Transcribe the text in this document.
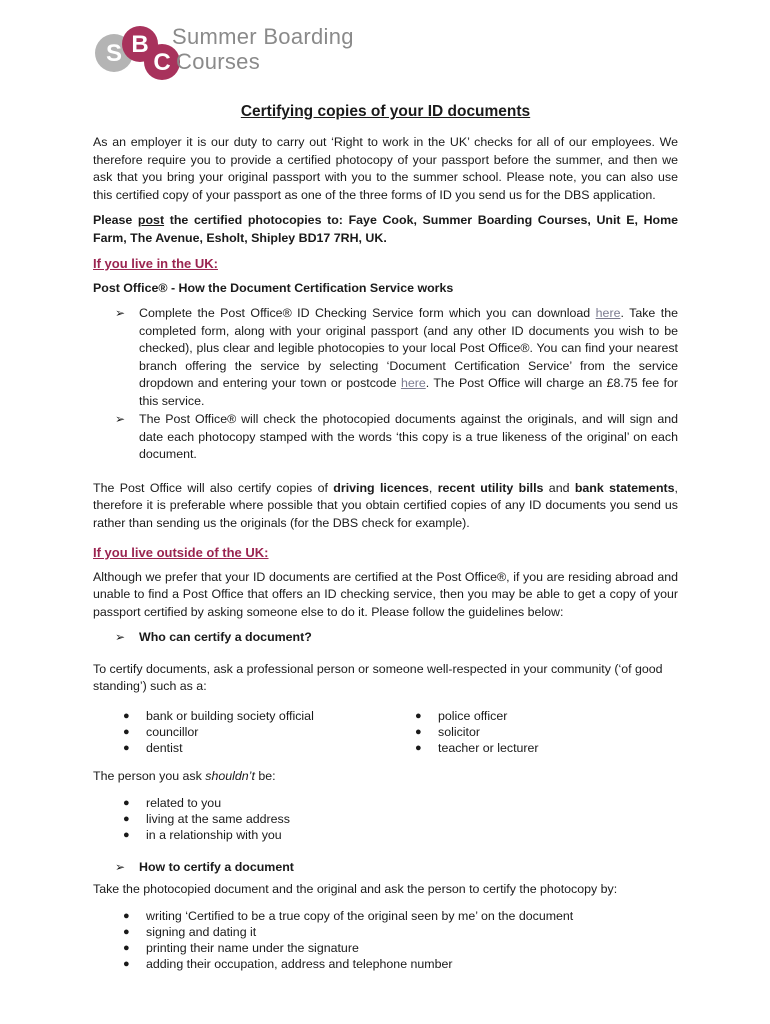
S B
C
Summer Boarding
Courses
Certifying copies of your ID documents

As an employer it is our duty to carry out ‘Right to work in the UK’ checks for all of our employees. We therefore require you to provide a certified photocopy of your passport before the summer, and then we ask that you bring your original passport with you to the summer school. Please note, you can also use this certified copy of your passport as one of the three forms of ID you send us for the DBS application.

Please post the certified photocopies to: Faye Cook, Summer Boarding Courses, Unit E, Home Farm, The Avenue, Esholt, Shipley BD17 7RH, UK.

If you live in the UK:
Post Office® - How the Document Certification Service works
➢ Complete the Post Office® ID Checking Service form which you can download here. Take the completed form, along with your original passport (and any other ID documents you wish to be checked), plus clear and legible photocopies to your local Post Office®. You can find your nearest branch offering the service by selecting ‘Document Certification Service’ from the service dropdown and entering your town or postcode here. The Post Office will charge an £8.75 fee for this service.
➢ The Post Office® will check the photocopied documents against the originals, and will sign and date each photocopy stamped with the words ‘this copy is a true likeness of the original’ on each document.

The Post Office will also certify copies of driving licences, recent utility bills and bank statements, therefore it is preferable where possible that you obtain certified copies of any ID documents you send us rather than sending us the originals (for the DBS check for example).

If you live outside of the UK:

Although we prefer that your ID documents are certified at the Post Office®, if you are residing abroad and unable to find a Post Office that offers an ID checking service, then you may be able to get a copy of your passport certified by asking someone else to do it. Please follow the guidelines below:

➢ Who can certify a document?

To certify documents, ask a professional person or someone well-respected in your community (‘of good standing’) such as a:

● bank or building society official
● councillor
● dentist
● police officer
● solicitor
● teacher or lecturer

The person you ask shouldn’t be:

● related to you
● living at the same address
● in a relationship with you
➢ How to certify a document

Take the photocopied document and the original and ask the person to certify the photocopy by:

● writing ‘Certified to be a true copy of the original seen by me’ on the document
● signing and dating it
● printing their name under the signature
● adding their occupation, address and telephone number
